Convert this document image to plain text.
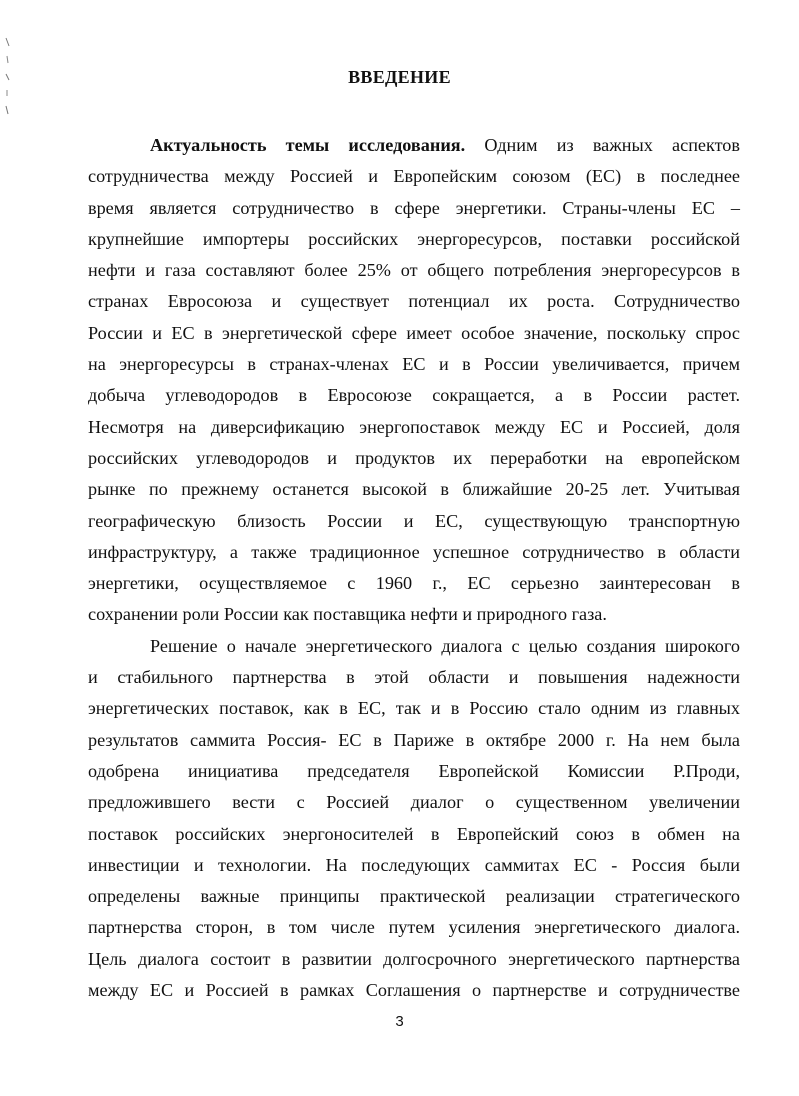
ВВЕДЕНИЕ

Актуальность темы исследования. Одним из важных аспектов
сотрудничества между Россией и Европейским союзом (ЕС) в последнее
время является сотрудничество в сфере энергетики. Страны-члены ЕС –
крупнейшие импортеры российских энергоресурсов, поставки российской
нефти и газа составляют более 25% от общего потребления энергоресурсов в
странах Евросоюза и существует потенциал их роста. Сотрудничество
России и ЕС в энергетической сфере имеет особое значение, поскольку спрос
на энергоресурсы в странах-членах ЕС и в России увеличивается, причем
добыча углеводородов в Евросоюзе сокращается, а в России растет.
Несмотря на диверсификацию энергопоставок между ЕС и Россией, доля
российских углеводородов и продуктов их переработки на европейском
рынке по прежнему останется высокой в ближайшие 20-25 лет. Учитывая
географическую близость России и ЕС, существующую транспортную
инфраструктуру, а также традиционное успешное сотрудничество в области
энергетики, осуществляемое с 1960 г., ЕС серьезно заинтересован в
сохранении роли России как поставщика нефти и природного газа.

Решение о начале энергетического диалога с целью создания широкого
и стабильного партнерства в этой области и повышения надежности
энергетических поставок, как в ЕС, так и в Россию стало одним из главных
результатов саммита Россия- ЕС в Париже в октябре 2000 г. На нем была
одобрена инициатива председателя Европейской Комиссии Р.Проди,
предложившего вести с Россией диалог о существенном увеличении
поставок российских энергоносителей в Европейский союз в обмен на
инвестиции и технологии. На последующих саммитах ЕС - Россия были
определены важные принципы практической реализации стратегического
партнерства сторон, в том числе путем усиления энергетического диалога.
Цель диалога состоит в развитии долгосрочного энергетического партнерства
между ЕС и Россией в рамках Соглашения о партнерстве и сотрудничестве

3
